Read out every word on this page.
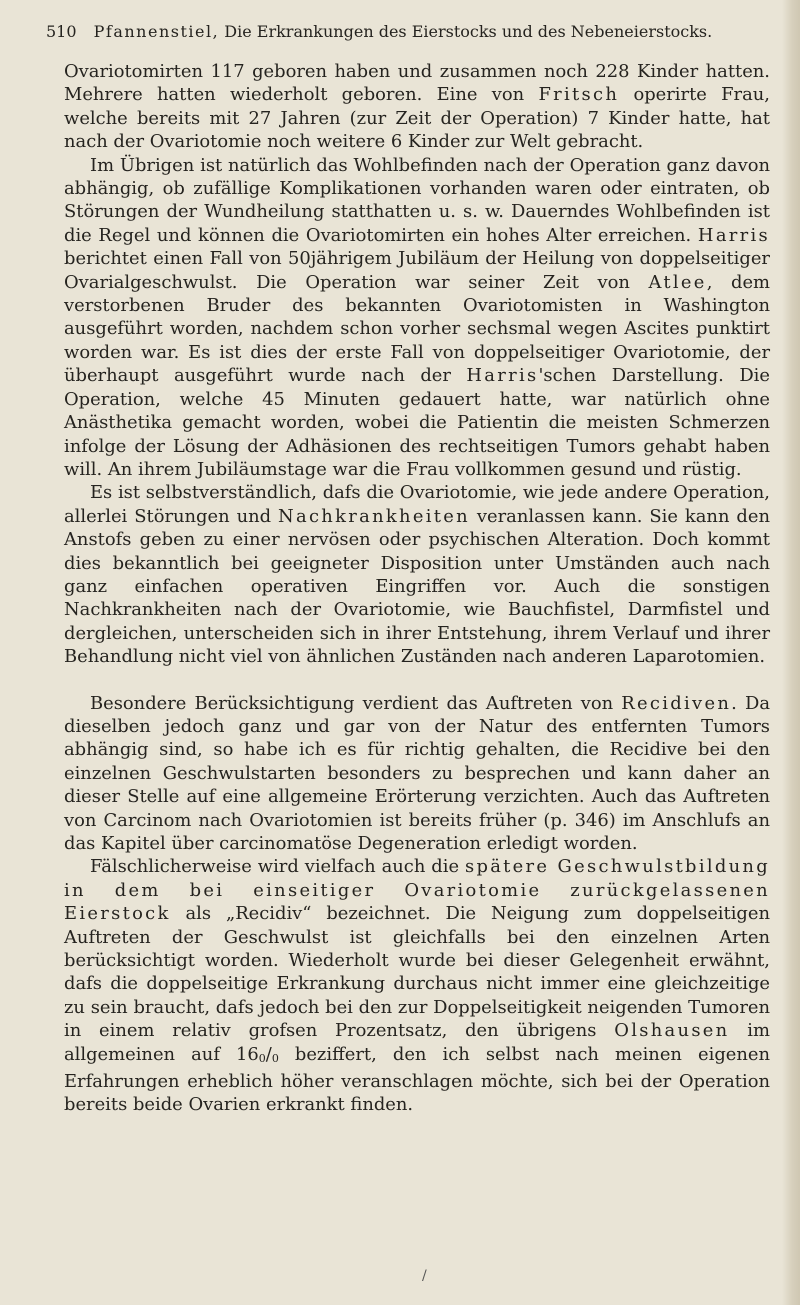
510 Pfannenstiel, Die Erkrankungen des Eierstocks und des Nebeneierstocks.

Ovariotomirten 117 geboren haben und zusammen noch 228 Kinder hatten. Mehrere hatten wiederholt geboren. Eine von Fritsch operirte Frau, welche bereits mit 27 Jahren (zur Zeit der Operation) 7 Kinder hatte, hat nach der Ovariotomie noch weitere 6 Kinder zur Welt gebracht.

Im Übrigen ist natürlich das Wohlbefinden nach der Operation ganz davon abhängig, ob zufällige Komplikationen vorhanden waren oder eintraten, ob Störungen der Wundheilung statthatten u. s. w. Dauerndes Wohlbefinden ist die Regel und können die Ovariotomirten ein hohes Alter erreichen. Harris berichtet einen Fall von 50jährigem Jubiläum der Heilung von doppelseitiger Ovarialgeschwulst. Die Operation war seiner Zeit von Atlee, dem verstorbenen Bruder des bekannten Ovariotomisten in Washington ausgeführt worden, nachdem schon vorher sechsmal wegen Ascites punktirt worden war. Es ist dies der erste Fall von doppelseitiger Ovariotomie, der überhaupt ausgeführt wurde nach der Harris'schen Darstellung. Die Operation, welche 45 Minuten gedauert hatte, war natürlich ohne Anästhetika gemacht worden, wobei die Patientin die meisten Schmerzen infolge der Lösung der Adhäsionen des rechtseitigen Tumors gehabt haben will. An ihrem Jubiläumstage war die Frau vollkommen gesund und rüstig.

Es ist selbstverständlich, dafs die Ovariotomie, wie jede andere Operation, allerlei Störungen und Nachkrankheiten veranlassen kann. Sie kann den Anstofs geben zu einer nervösen oder psychischen Alteration. Doch kommt dies bekanntlich bei geeigneter Disposition unter Umständen auch nach ganz einfachen operativen Eingriffen vor. Auch die sonstigen Nachkrankheiten nach der Ovariotomie, wie Bauchfistel, Darmfistel und dergleichen, unterscheiden sich in ihrer Entstehung, ihrem Verlauf und ihrer Behandlung nicht viel von ähnlichen Zuständen nach anderen Laparotomien.

Besondere Berücksichtigung verdient das Auftreten von Recidiven. Da dieselben jedoch ganz und gar von der Natur des entfernten Tumors abhängig sind, so habe ich es für richtig gehalten, die Recidive bei den einzelnen Geschwulstarten besonders zu besprechen und kann daher an dieser Stelle auf eine allgemeine Erörterung verzichten. Auch das Auftreten von Carcinom nach Ovariotomien ist bereits früher (p. 346) im Anschlufs an das Kapitel über carcinomatöse Degeneration erledigt worden.

Fälschlicherweise wird vielfach auch die spätere Geschwulstbildung in dem bei einseitiger Ovariotomie zurückgelassenen Eierstock als „Recidiv“ bezeichnet. Die Neigung zum doppelseitigen Auftreten der Geschwulst ist gleichfalls bei den einzelnen Arten berücksichtigt worden. Wiederholt wurde bei dieser Gelegenheit erwähnt, dafs die doppelseitige Erkrankung durchaus nicht immer eine gleichzeitige zu sein braucht, dafs jedoch bei den zur Doppelseitigkeit neigenden Tumoren in einem relativ grofsen Prozentsatz, den übrigens Olshausen im allgemeinen auf 160/0 beziffert, den ich selbst nach meinen eigenen Erfahrungen erheblich höher veranschlagen möchte, sich bei der Operation bereits beide Ovarien erkrankt finden.

/
